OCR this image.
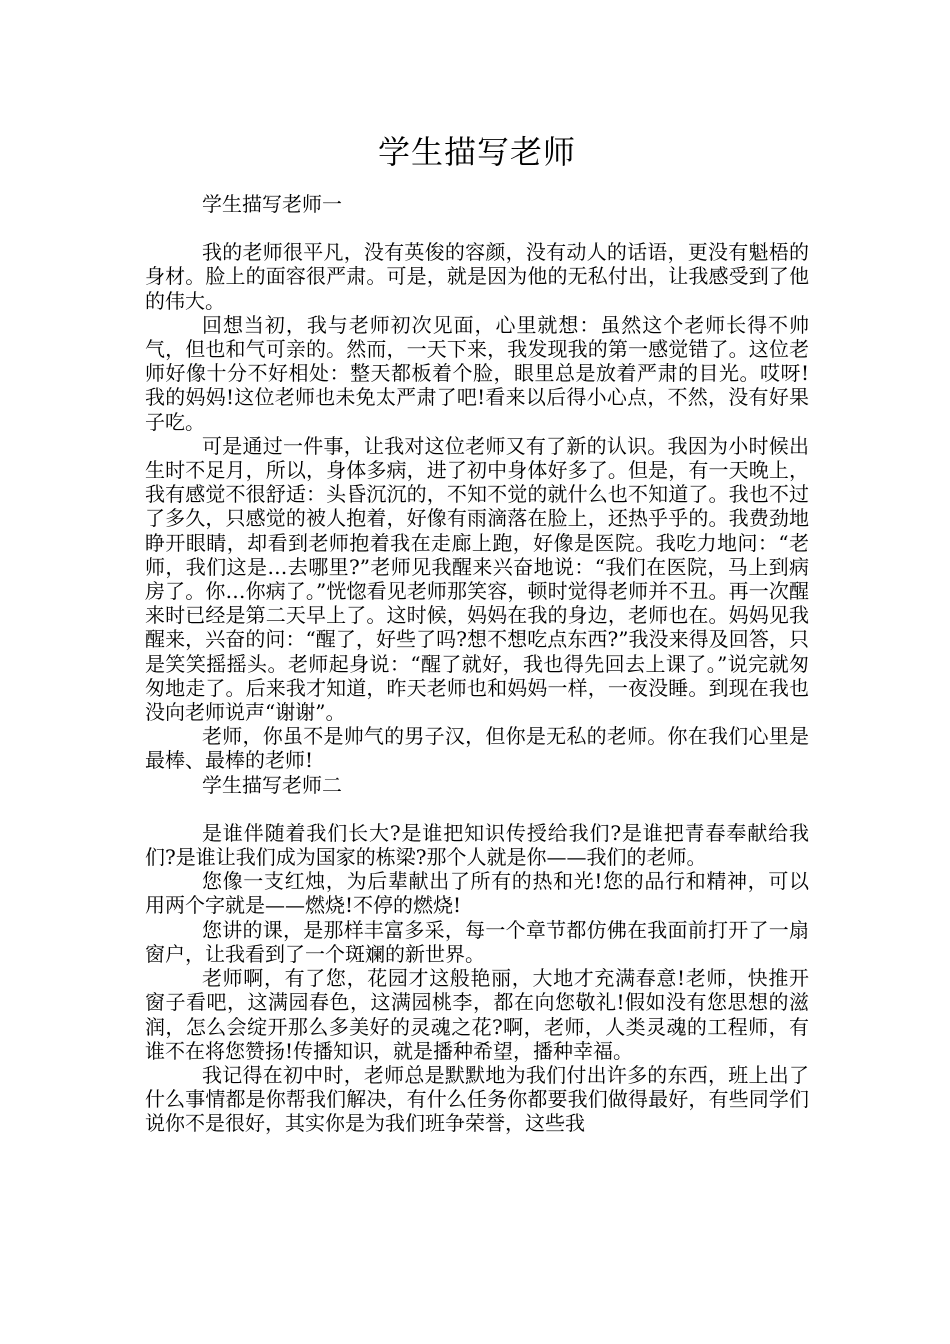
学生描写老师

学生描写老师一

我的老师很平凡，没有英俊的容颜，没有动人的话语，更没有魁梧的身材。脸上的面容很严肃。可是，就是因为他的无私付出，让我感受到了他的伟大。

回想当初，我与老师初次见面，心里就想：虽然这个老师长得不帅气，但也和气可亲的。然而，一天下来，我发现我的第一感觉错了。这位老师好像十分不好相处：整天都板着个脸，眼里总是放着严肃的目光。哎呀!我的妈妈!这位老师也未免太严肃了吧!看来以后得小心点，不然，没有好果子吃。

可是通过一件事，让我对这位老师又有了新的认识。我因为小时候出生时不足月，所以，身体多病，进了初中身体好多了。但是，有一天晚上，我有感觉不很舒适：头昏沉沉的，不知不觉的就什么也不知道了。我也不过了多久，只感觉的被人抱着，好像有雨滴落在脸上，还热乎乎的。我费劲地睁开眼睛，却看到老师抱着我在走廊上跑，好像是医院。我吃力地问：“老师，我们这是…去哪里?”老师见我醒来兴奋地说：“我们在医院，马上到病房了。你…你病了。”恍惚看见老师那笑容，顿时觉得老师并不丑。再一次醒来时已经是第二天早上了。这时候，妈妈在我的身边，老师也在。妈妈见我醒来，兴奋的问：“醒了，好些了吗?想不想吃点东西?”我没来得及回答，只是笑笑摇摇头。老师起身说：“醒了就好，我也得先回去上课了。”说完就匆匆地走了。后来我才知道，昨天老师也和妈妈一样，一夜没睡。到现在我也没向老师说声“谢谢”。

老师，你虽不是帅气的男子汉，但你是无私的老师。你在我们心里是最棒、最棒的老师!

学生描写老师二

是谁伴随着我们长大?是谁把知识传授给我们?是谁把青春奉献给我们?是谁让我们成为国家的栋梁?那个人就是你——我们的老师。

您像一支红烛，为后辈献出了所有的热和光!您的品行和精神，可以用两个字就是——燃烧!不停的燃烧!

您讲的课，是那样丰富多采，每一个章节都仿佛在我面前打开了一扇窗户，让我看到了一个斑斓的新世界。

老师啊，有了您，花园才这般艳丽，大地才充满春意!老师，快推开窗子看吧，这满园春色，这满园桃李，都在向您敬礼!假如没有您思想的滋润，怎么会绽开那么多美好的灵魂之花?啊，老师，人类灵魂的工程师，有谁不在将您赞扬!传播知识，就是播种希望，播种幸福。

我记得在初中时，老师总是默默地为我们付出许多的东西，班上出了什么事情都是你帮我们解决，有什么任务你都要我们做得最好，有些同学们说你不是很好，其实你是为我们班争荣誉，这些我
